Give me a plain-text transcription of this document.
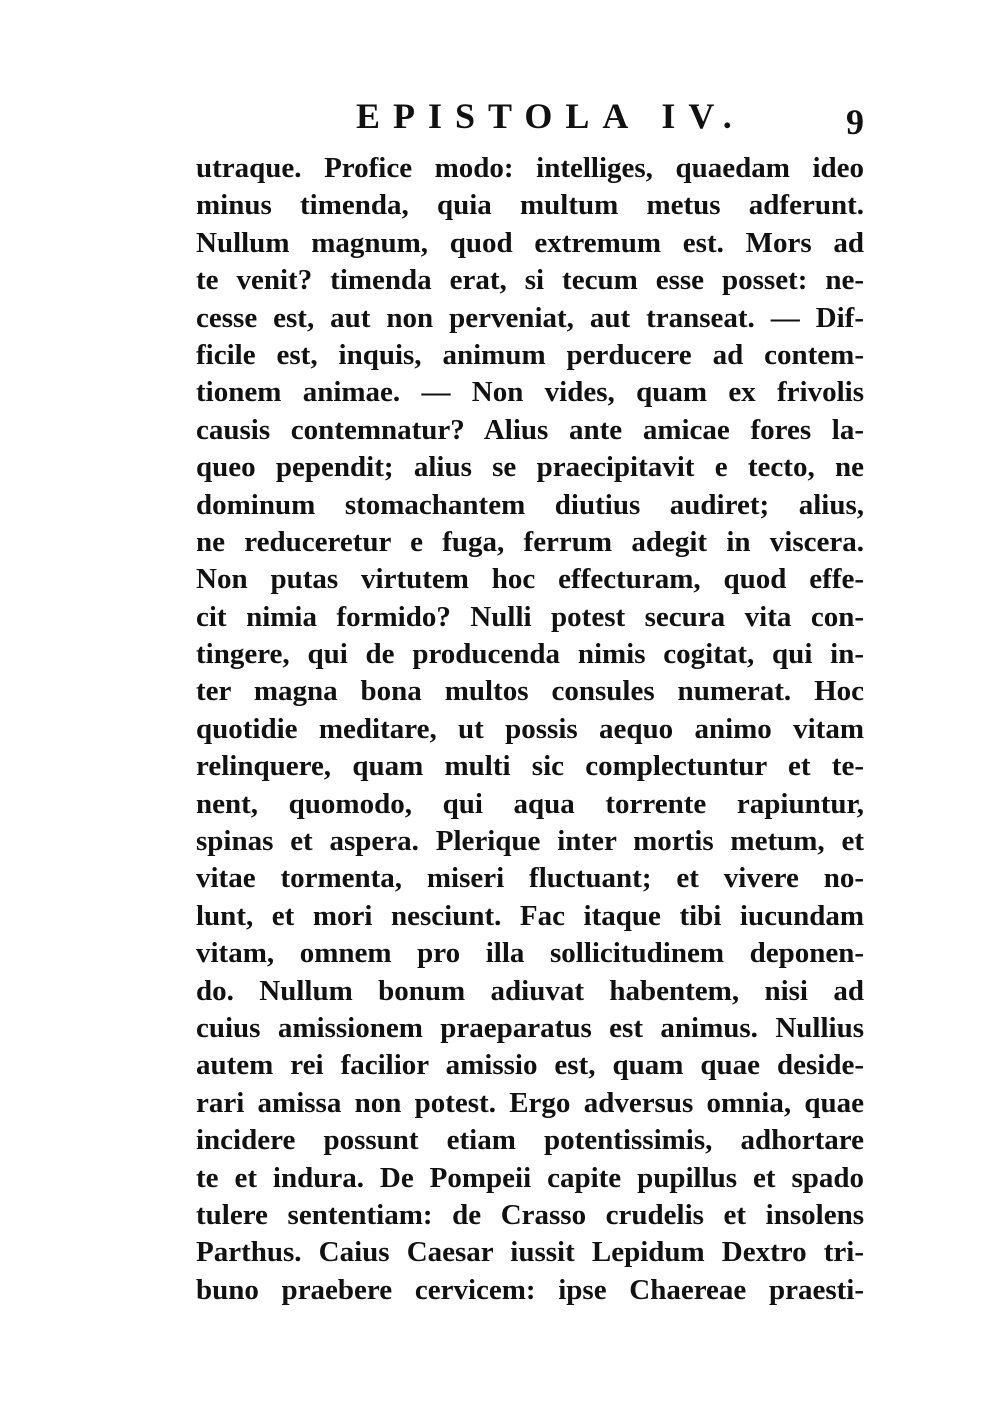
EPISTOLA IV.	9
utraque. Profice modo: intelliges, quaedam ideo
minus timenda, quia multum metus adferunt.
Nullum magnum, quod extremum est. Mors ad
te venit? timenda erat, si tecum esse posset: ne-
cesse est, aut non perveniat, aut transeat. — Dif-
ficile est, inquis, animum perducere ad contem-
tionem animae. — Non vides, quam ex frivolis
causis contemnatur? Alius ante amicae fores la-
queo pependit; alius se praecipitavit e tecto, ne
dominum stomachantem diutius audiret; alius,
ne reduceretur e fuga, ferrum adegit in viscera.
Non putas virtutem hoc effecturam, quod effe-
cit nimia formido? Nulli potest secura vita con-
tingere, qui de producenda nimis cogitat, qui in-
ter magna bona multos consules numerat. Hoc
quotidie meditare, ut possis aequo animo vitam
relinquere, quam multi sic complectuntur et te-
nent, quomodo, qui aqua torrente rapiuntur,
spinas et aspera. Plerique inter mortis metum, et
vitae tormenta, miseri fluctuant; et vivere no-
lunt, et mori nesciunt. Fac itaque tibi iucundam
vitam, omnem pro illa sollicitudinem deponen-
do. Nullum bonum adiuvat habentem, nisi ad
cuius amissionem praeparatus est animus. Nullius
autem rei facilior amissio est, quam quae deside-
rari amissa non potest. Ergo adversus omnia, quae
incidere possunt etiam potentissimis, adhortare
te et indura. De Pompeii capite pupillus et spado
tulere sententiam: de Crasso crudelis et insolens
Parthus. Caius Caesar iussit Lepidum Dextro tri-
buno praebere cervicem: ipse Chaereae praesti-
